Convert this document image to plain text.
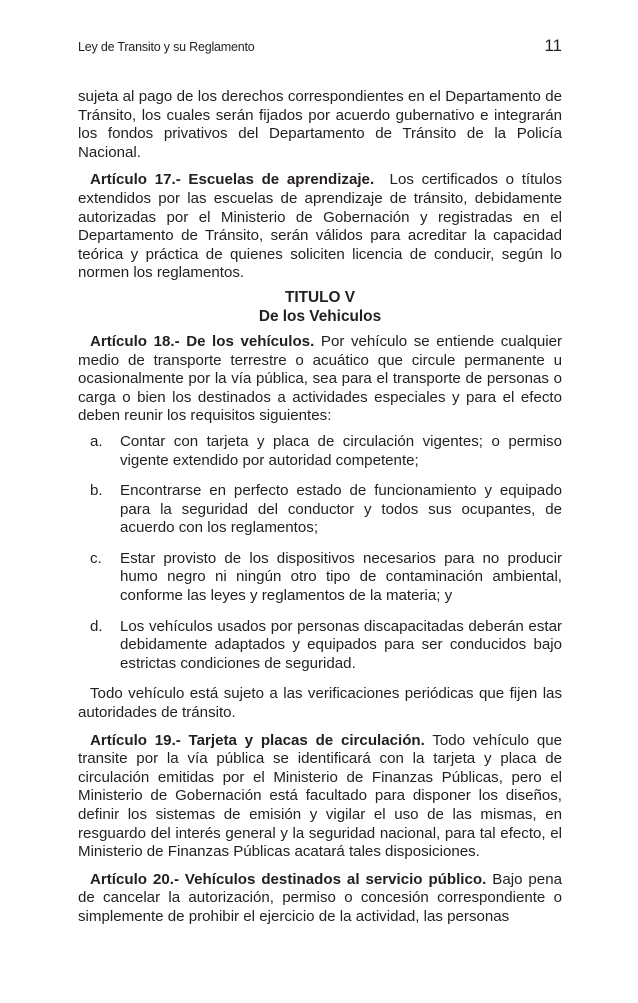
Ley de Transito y su Reglamento	11

sujeta al pago de los derechos correspondientes en el Departamento de Tránsito, los cuales serán fijados por acuerdo gubernativo e integrarán los fondos privativos del Departamento de Tránsito de la Policía Nacional.

Artículo 17.- Escuelas de aprendizaje. Los certificados o títulos extendidos por las escuelas de aprendizaje de tránsito, debidamente autorizadas por el Ministerio de Gobernación y registradas en el Departamento de Tránsito, serán válidos para acreditar la capacidad teórica y práctica de quienes soliciten licencia de conducir, según lo normen los reglamentos.

TITULO V
De los Vehiculos

Artículo 18.- De los vehículos. Por vehículo se entiende cualquier medio de transporte terrestre o acuático que circule permanente u ocasionalmente por la vía pública, sea para el transporte de personas o carga o bien los destinados a actividades especiales y para el efecto deben reunir los requisitos siguientes:

a. Contar con tarjeta y placa de circulación vigentes; o permiso vigente extendido por autoridad competente;
b. Encontrarse en perfecto estado de funcionamiento y equipado para la seguridad del conductor y todos sus ocupantes, de acuerdo con los reglamentos;
c. Estar provisto de los dispositivos necesarios para no producir humo negro ni ningún otro tipo de contaminación ambiental, conforme las leyes y reglamentos de la materia; y
d. Los vehículos usados por personas discapacitadas deberán estar debidamente adaptados y equipados para ser conducidos bajo estrictas condiciones de seguridad.

Todo vehículo está sujeto a las verificaciones periódicas que fijen las autoridades de tránsito.

Artículo 19.- Tarjeta y placas de circulación. Todo vehículo que transite por la vía pública se identificará con la tarjeta y placa de circulación emitidas por el Ministerio de Finanzas Públicas, pero el Ministerio de Gobernación está facultado para disponer los diseños, definir los sistemas de emisión y vigilar el uso de las mismas, en resguardo del interés general y la seguridad nacional, para tal efecto, el Ministerio de Finanzas Públicas acatará tales disposiciones.

Artículo 20.- Vehículos destinados al servicio público. Bajo pena de cancelar la autorización, permiso o concesión correspondiente o simplemente de prohibir el ejercicio de la actividad, las personas
